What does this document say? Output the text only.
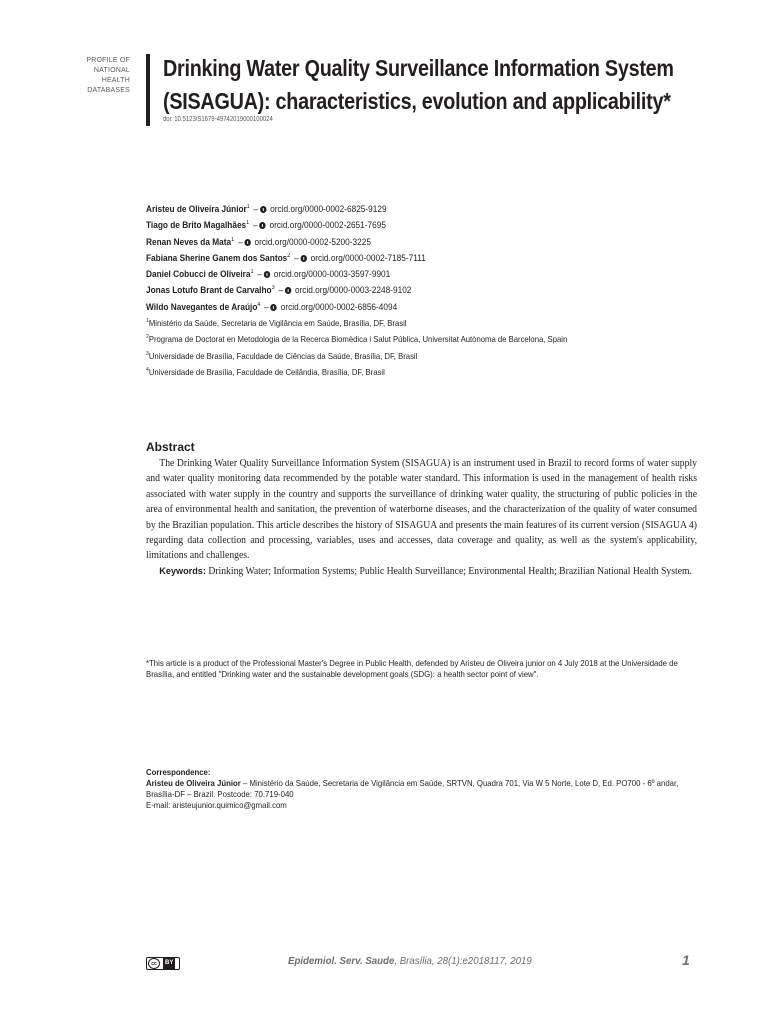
PROFILE OF
NATIONAL
HEALTH
DATABASES
Drinking Water Quality Surveillance Information System
(SISAGUA): characteristics, evolution and applicability*
doi: 10.5123/S1679-49742019000100024
Aristeu de Oliveira Júnior$^1$ – orcid.org/0000-0002-6825-9129
Tiago de Brito Magalhães$^1$ – orcid.org/0000-0002-2651-7695
Renan Neves da Mata$^1$ – orcid.org/0000-0002-5200-3225
Fabiana Sherine Ganem dos Santos$^2$ – orcid.org/0000-0002-7185-7111
Daniel Cobucci de Oliveira$^1$ – orcid.org/0000-0003-3597-9901
Jonas Lotufo Brant de Carvalho$^3$ – orcid.org/0000-0003-2248-9102
Wildo Navegantes de Araújo$^4$ – orcid.org/0000-0002-6856-4094
$^1$Ministério da Saúde, Secretaria de Vigilância em Saúde, Brasília, DF, Brasil
$^2$Programa de Doctorat en Metodologia de la Recerca Biomèdica i Salut Pública, Universitat Autònoma de Barcelona, Spain
$^3$Universidade de Brasília, Faculdade de Ciências da Saúde, Brasília, DF, Brasil
$^4$Universidade de Brasília, Faculdade de Ceilândia, Brasília, DF, Brasil
Abstract

The Drinking Water Quality Surveillance Information System (SISAGUA) is an instrument used in Brazil to record forms of water supply and water quality monitoring data recommended by the potable water standard. This information is used in the management of health risks associated with water supply in the country and supports the surveillance of drinking water quality, the structuring of public policies in the area of environmental health and sanitation, the prevention of waterborne diseases, and the characterization of the quality of water consumed by the Brazilian population. This article describes the history of SISAGUA and presents the main features of its current version (SISAGUA 4) regarding data collection and processing, variables, uses and accesses, data coverage and quality, as well as the system's applicability, limitations and challenges.

Keywords: Drinking Water; Information Systems; Public Health Surveillance; Environmental Health; Brazilian National Health System.

*This article is a product of the Professional Master's Degree in Public Health, defended by Aristeu de Oliveira junior on 4 July 2018 at the Universidade de Brasília, and entitled "Drinking water and the sustainable development goals (SDG): a health sector point of view".
Correspondence:
Aristeu de Oliveira Júnior – Ministério da Saúde, Secretaria de Vigilância em Saúde, SRTVN, Quadra 701, Via W 5 Norte, Lote D, Ed. PO700 - 6º andar, Brasília-DF – Brazil. Postcode: 70.719-040
E-mail: aristeujunior.quimico@gmail.com
cc	BY	Epidemiol. Serv. Saude, Brasília, 28(1):e2018117, 2019	1
